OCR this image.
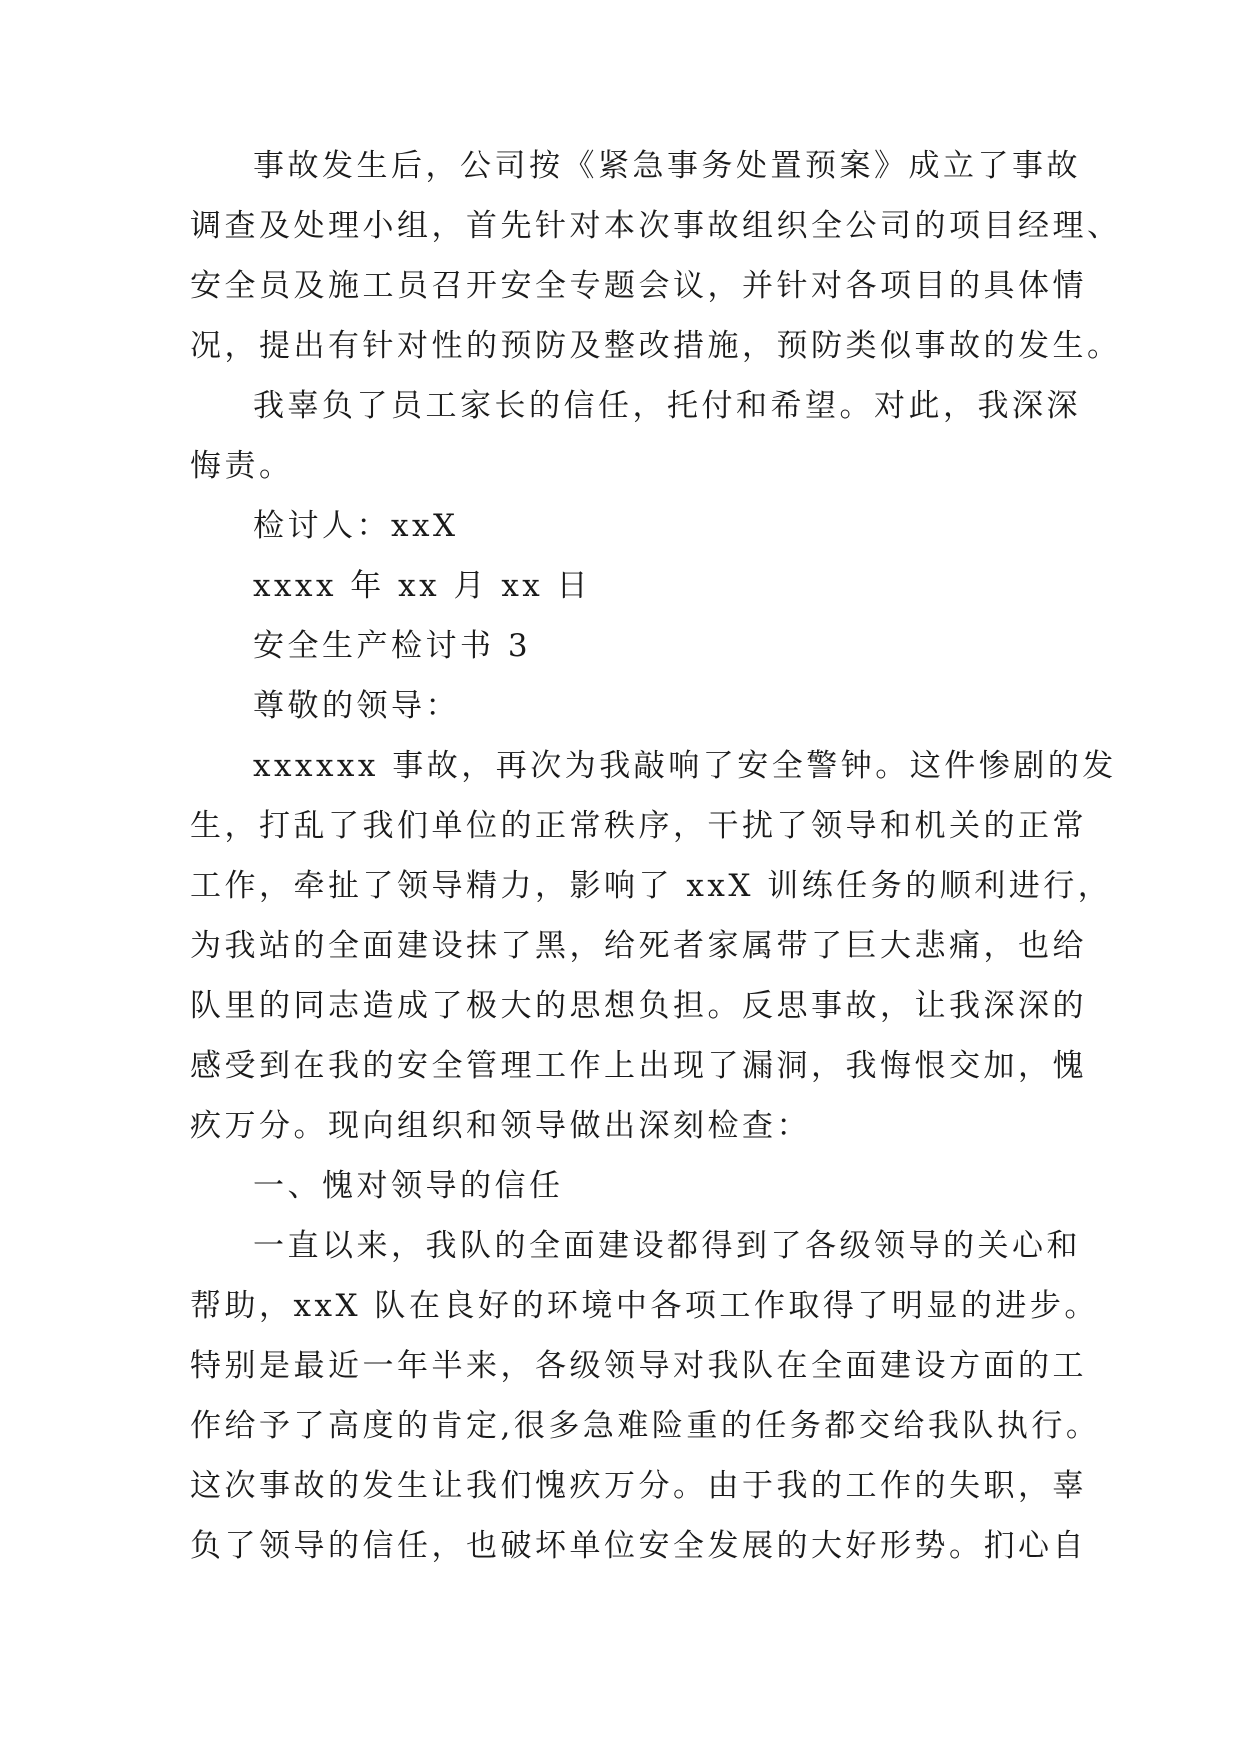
事故发生后，公司按《紧急事务处置预案》成立了事故
调查及处理小组，首先针对本次事故组织全公司的项目经理、
安全员及施工员召开安全专题会议，并针对各项目的具体情
况，提出有针对性的预防及整改措施，预防类似事故的发生。
我辜负了员工家长的信任，托付和希望。对此，我深深
悔责。
检讨人：xxX
xxxx 年 xx 月 xx 日
安全生产检讨书 3
尊敬的领导：
xxxxxx 事故，再次为我敲响了安全警钟。这件惨剧的发
生，打乱了我们单位的正常秩序，干扰了领导和机关的正常
工作，牵扯了领导精力，影响了 xxX 训练任务的顺利进行，
为我站的全面建设抹了黑，给死者家属带了巨大悲痛，也给
队里的同志造成了极大的思想负担。反思事故，让我深深的
感受到在我的安全管理工作上出现了漏洞，我悔恨交加，愧
疚万分。现向组织和领导做出深刻检查：
一、愧对领导的信任
一直以来，我队的全面建设都得到了各级领导的关心和
帮助，xxX 队在良好的环境中各项工作取得了明显的进步。
特别是最近一年半来，各级领导对我队在全面建设方面的工
作给予了高度的肯定,很多急难险重的任务都交给我队执行。
这次事故的发生让我们愧疚万分。由于我的工作的失职，辜
负了领导的信任，也破坏单位安全发展的大好形势。扪心自
